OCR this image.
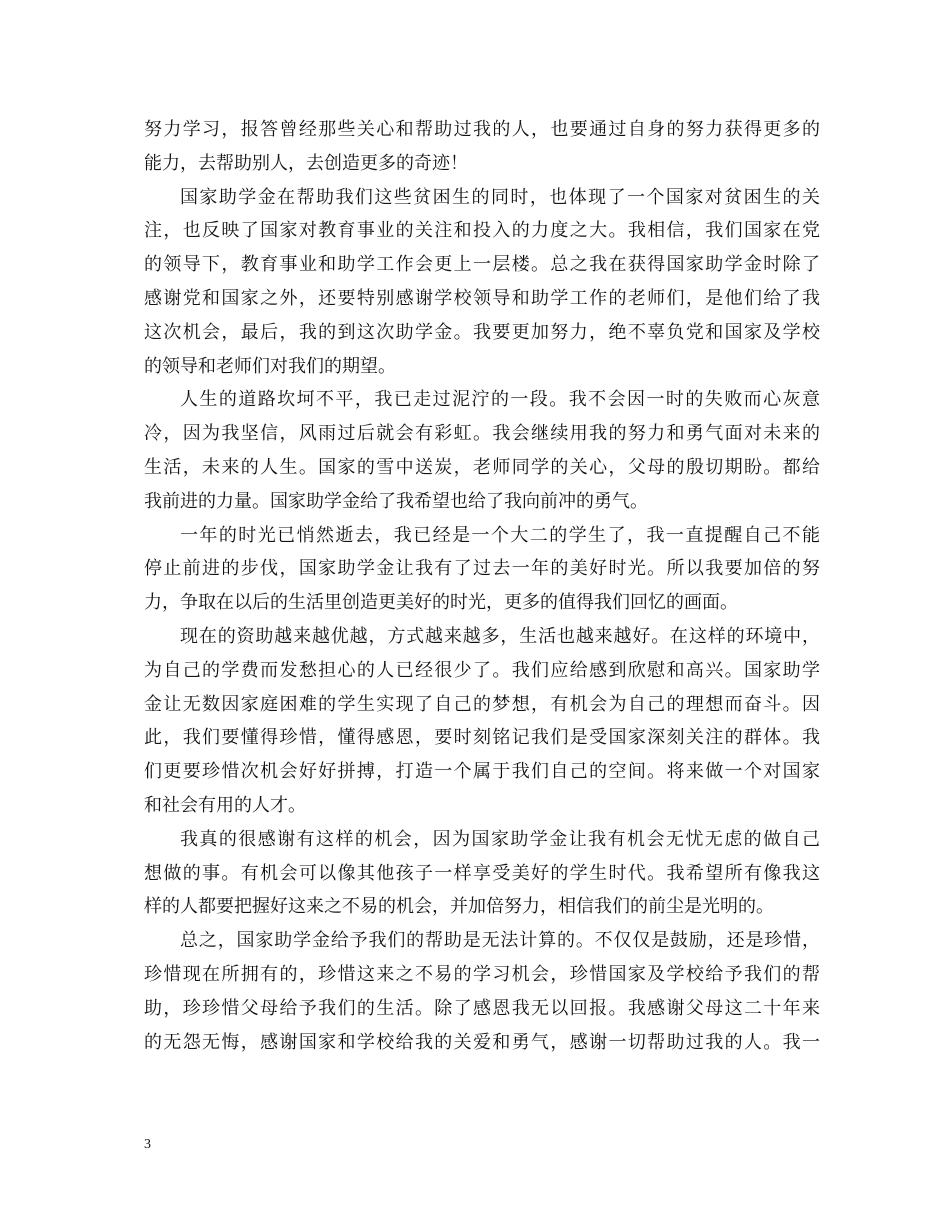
努力学习，报答曾经那些关心和帮助过我的人，也要通过自身的努力获得更多的
能力，去帮助别人，去创造更多的奇迹！
国家助学金在帮助我们这些贫困生的同时，也体现了一个国家对贫困生的关
注，也反映了国家对教育事业的关注和投入的力度之大。我相信，我们国家在党
的领导下，教育事业和助学工作会更上一层楼。总之我在获得国家助学金时除了
感谢党和国家之外，还要特别感谢学校领导和助学工作的老师们，是他们给了我
这次机会，最后，我的到这次助学金。我要更加努力，绝不辜负党和国家及学校
的领导和老师们对我们的期望。
人生的道路坎坷不平，我已走过泥泞的一段。我不会因一时的失败而心灰意
冷，因为我坚信，风雨过后就会有彩虹。我会继续用我的努力和勇气面对未来的
生活，未来的人生。国家的雪中送炭，老师同学的关心，父母的殷切期盼。都给
我前进的力量。国家助学金给了我希望也给了我向前冲的勇气。
一年的时光已悄然逝去，我已经是一个大二的学生了，我一直提醒自己不能
停止前进的步伐，国家助学金让我有了过去一年的美好时光。所以我要加倍的努
力，争取在以后的生活里创造更美好的时光，更多的值得我们回忆的画面。
现在的资助越来越优越，方式越来越多，生活也越来越好。在这样的环境中，
为自己的学费而发愁担心的人已经很少了。我们应给感到欣慰和高兴。国家助学
金让无数因家庭困难的学生实现了自己的梦想，有机会为自己的理想而奋斗。因
此，我们要懂得珍惜，懂得感恩，要时刻铭记我们是受国家深刻关注的群体。我
们更要珍惜次机会好好拼搏，打造一个属于我们自己的空间。将来做一个对国家
和社会有用的人才。
我真的很感谢有这样的机会，因为国家助学金让我有机会无忧无虑的做自己
想做的事。有机会可以像其他孩子一样享受美好的学生时代。我希望所有像我这
样的人都要把握好这来之不易的机会，并加倍努力，相信我们的前尘是光明的。
总之，国家助学金给予我们的帮助是无法计算的。不仅仅是鼓励，还是珍惜，
珍惜现在所拥有的，珍惜这来之不易的学习机会，珍惜国家及学校给予我们的帮
助，珍珍惜父母给予我们的生活。除了感恩我无以回报。我感谢父母这二十年来
的无怨无悔，感谢国家和学校给我的关爱和勇气，感谢一切帮助过我的人。我一
3
